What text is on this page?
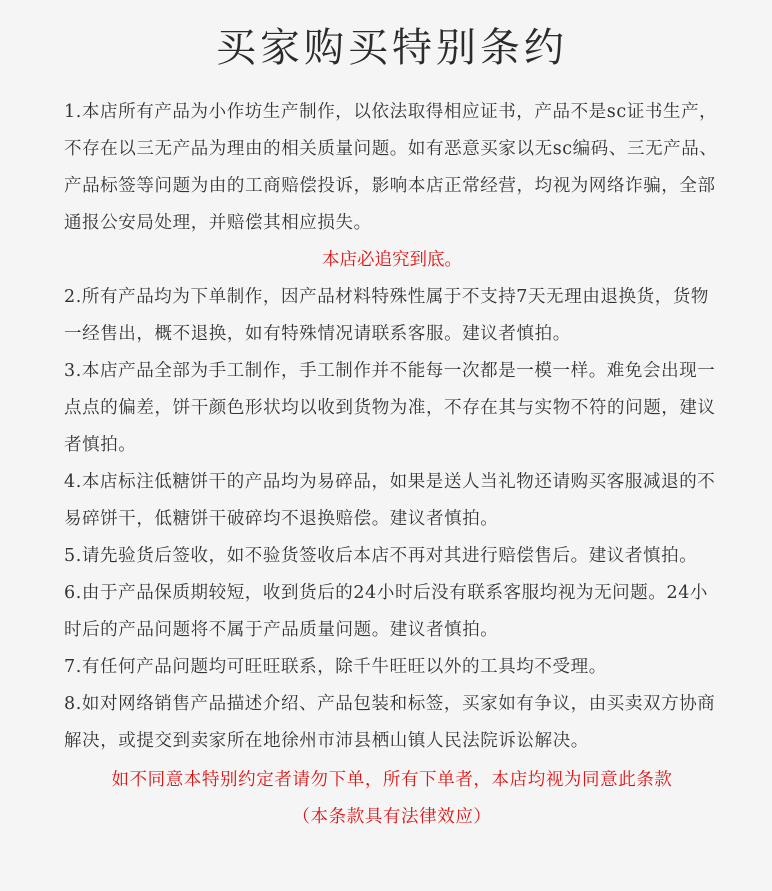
买家购买特别条约

1.本店所有产品为小作坊生产制作，以依法取得相应证书，产品不是sc证书生产，不存在以三无产品为理由的相关质量问题。如有恶意买家以无sc编码、三无产品、产品标签等问题为由的工商赔偿投诉，影响本店正常经营，均视为网络诈骗，全部通报公安局处理，并赔偿其相应损失。

本店必追究到底。

2.所有产品均为下单制作，因产品材料特殊性属于不支持7天无理由退换货，货物一经售出，概不退换，如有特殊情况请联系客服。建议者慎拍。

3.本店产品全部为手工制作，手工制作并不能每一次都是一模一样。难免会出现一点点的偏差，饼干颜色形状均以收到货物为准，不存在其与实物不符的问题，建议者慎拍。

4.本店标注低糖饼干的产品均为易碎品，如果是送人当礼物还请购买客服减退的不易碎饼干，低糖饼干破碎均不退换赔偿。建议者慎拍。

5.请先验货后签收，如不验货签收后本店不再对其进行赔偿售后。建议者慎拍。

6.由于产品保质期较短，收到货后的24小时后没有联系客服均视为无问题。24小时后的产品问题将不属于产品质量问题。建议者慎拍。

7.有任何产品问题均可旺旺联系，除千牛旺旺以外的工具均不受理。

8.如对网络销售产品描述介绍、产品包装和标签，买家如有争议，由买卖双方协商解决，或提交到卖家所在地徐州市沛县栖山镇人民法院诉讼解决。

如不同意本特别约定者请勿下单，所有下单者，本店均视为同意此条款

（本条款具有法律效应）
